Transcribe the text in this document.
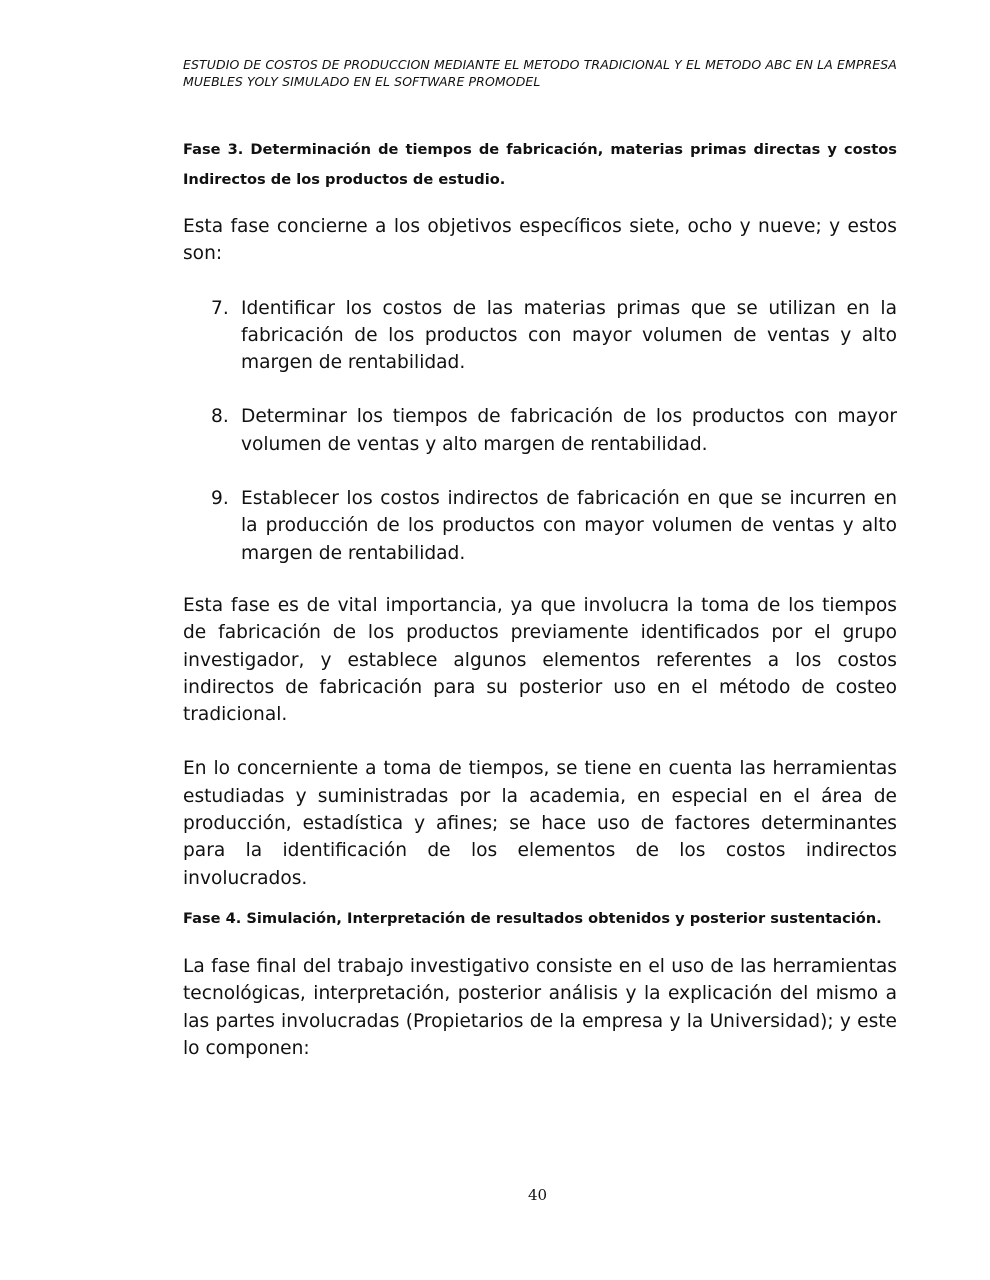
ESTUDIO DE COSTOS DE PRODUCCION MEDIANTE EL METODO TRADICIONAL Y EL METODO ABC EN LA EMPRESA MUEBLES YOLY SIMULADO EN EL SOFTWARE PROMODEL

Fase 3. Determinación de tiempos de fabricación, materias primas directas y costos Indirectos de los productos de estudio.

Esta fase concierne a los objetivos específicos siete, ocho y nueve; y estos son:

7. Identificar los costos de las materias primas que se utilizan en la fabricación de los productos con mayor volumen de ventas y alto margen de rentabilidad.
8. Determinar los tiempos de fabricación de los productos con mayor volumen de ventas y alto margen de rentabilidad.
9. Establecer los costos indirectos de fabricación en que se incurren en la producción de los productos con mayor volumen de ventas y alto margen de rentabilidad.

Esta fase es de vital importancia, ya que involucra la toma de los tiempos de fabricación de los productos previamente identificados por el grupo investigador, y establece algunos elementos referentes a los costos indirectos de fabricación para su posterior uso en el método de costeo tradicional.

En lo concerniente a toma de tiempos, se tiene en cuenta las herramientas estudiadas y suministradas por la academia, en especial en el área de producción, estadística y afines; se hace uso de factores determinantes para la identificación de los elementos de los costos indirectos involucrados.

Fase 4. Simulación, Interpretación de resultados obtenidos y posterior sustentación.

La fase final del trabajo investigativo consiste en el uso de las herramientas tecnológicas, interpretación, posterior análisis y la explicación del mismo a las partes involucradas (Propietarios de la empresa y la Universidad); y este lo componen:

40
